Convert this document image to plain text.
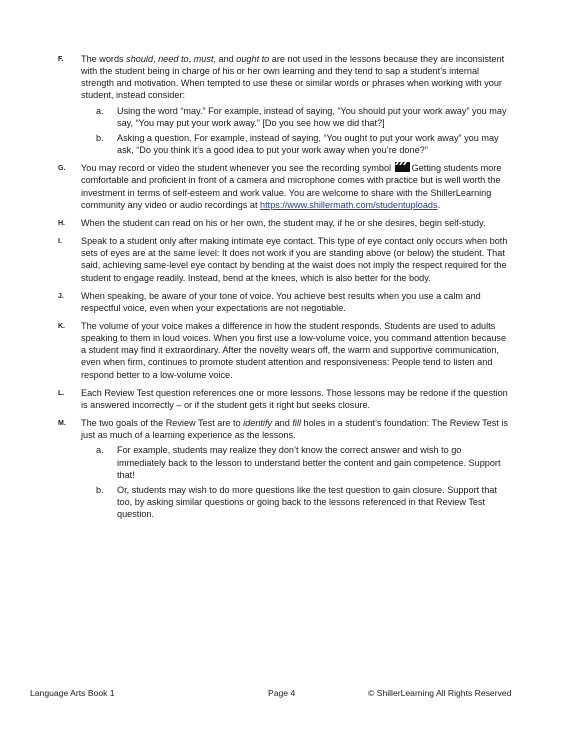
F. The words should, need to, must, and ought to are not used in the lessons because they are inconsistent with the student being in charge of his or her own learning and they tend to sap a student’s internal strength and motivation. When tempted to use these or similar words or phrases when working with your student, instead consider:
a. Using the word “may.” For example, instead of saying, “You should put your work away” you may say, “You may put your work away.” [Do you see how we did that?]
b. Asking a question. For example, instead of saying, “You ought to put your work away” you may ask, “Do you think it’s a good idea to put your work away when you’re done?”
G. You may record or video the student whenever you see the recording symbol Getting students more comfortable and proficient in front of a camera and microphone comes with practice but is well worth the investment in terms of self-esteem and work value. You are welcome to share with the ShillerLearning community any video or audio recordings at https://www.shillermath.com/studentuploads.
H. When the student can read on his or her own, the student may, if he or she desires, begin self-study.
I. Speak to a student only after making intimate eye contact. This type of eye contact only occurs when both sets of eyes are at the same level: It does not work if you are standing above (or below) the student. That said, achieving same-level eye contact by bending at the waist does not imply the respect required for the student to engage readily. Instead, bend at the knees, which is also better for the body.
J. When speaking, be aware of your tone of voice. You achieve best results when you use a calm and respectful voice, even when your expectations are not negotiable.
K. The volume of your voice makes a difference in how the student responds. Students are used to adults speaking to them in loud voices. When you first use a low-volume voice, you command attention because a student may find it extraordinary. After the novelty wears off, the warm and supportive communication, even when firm, continues to promote student attention and responsiveness: People tend to listen and respond better to a low-volume voice.
L. Each Review Test question references one or more lessons. Those lessons may be redone if the question is answered incorrectly – or if the student gets it right but seeks closure.
M. The two goals of the Review Test are to identify and fill holes in a student’s foundation: The Review Test is just as much of a learning experience as the lessons.
a. For example, students may realize they don’t know the correct answer and wish to go immediately back to the lesson to understand better the content and gain competence. Support that!
b. Or, students may wish to do more questions like the test question to gain closure. Support that too, by asking similar questions or going back to the lessons referenced in that Review Test question.
Language Arts Book 1	Page 4	© ShillerLearning All Rights Reserved
